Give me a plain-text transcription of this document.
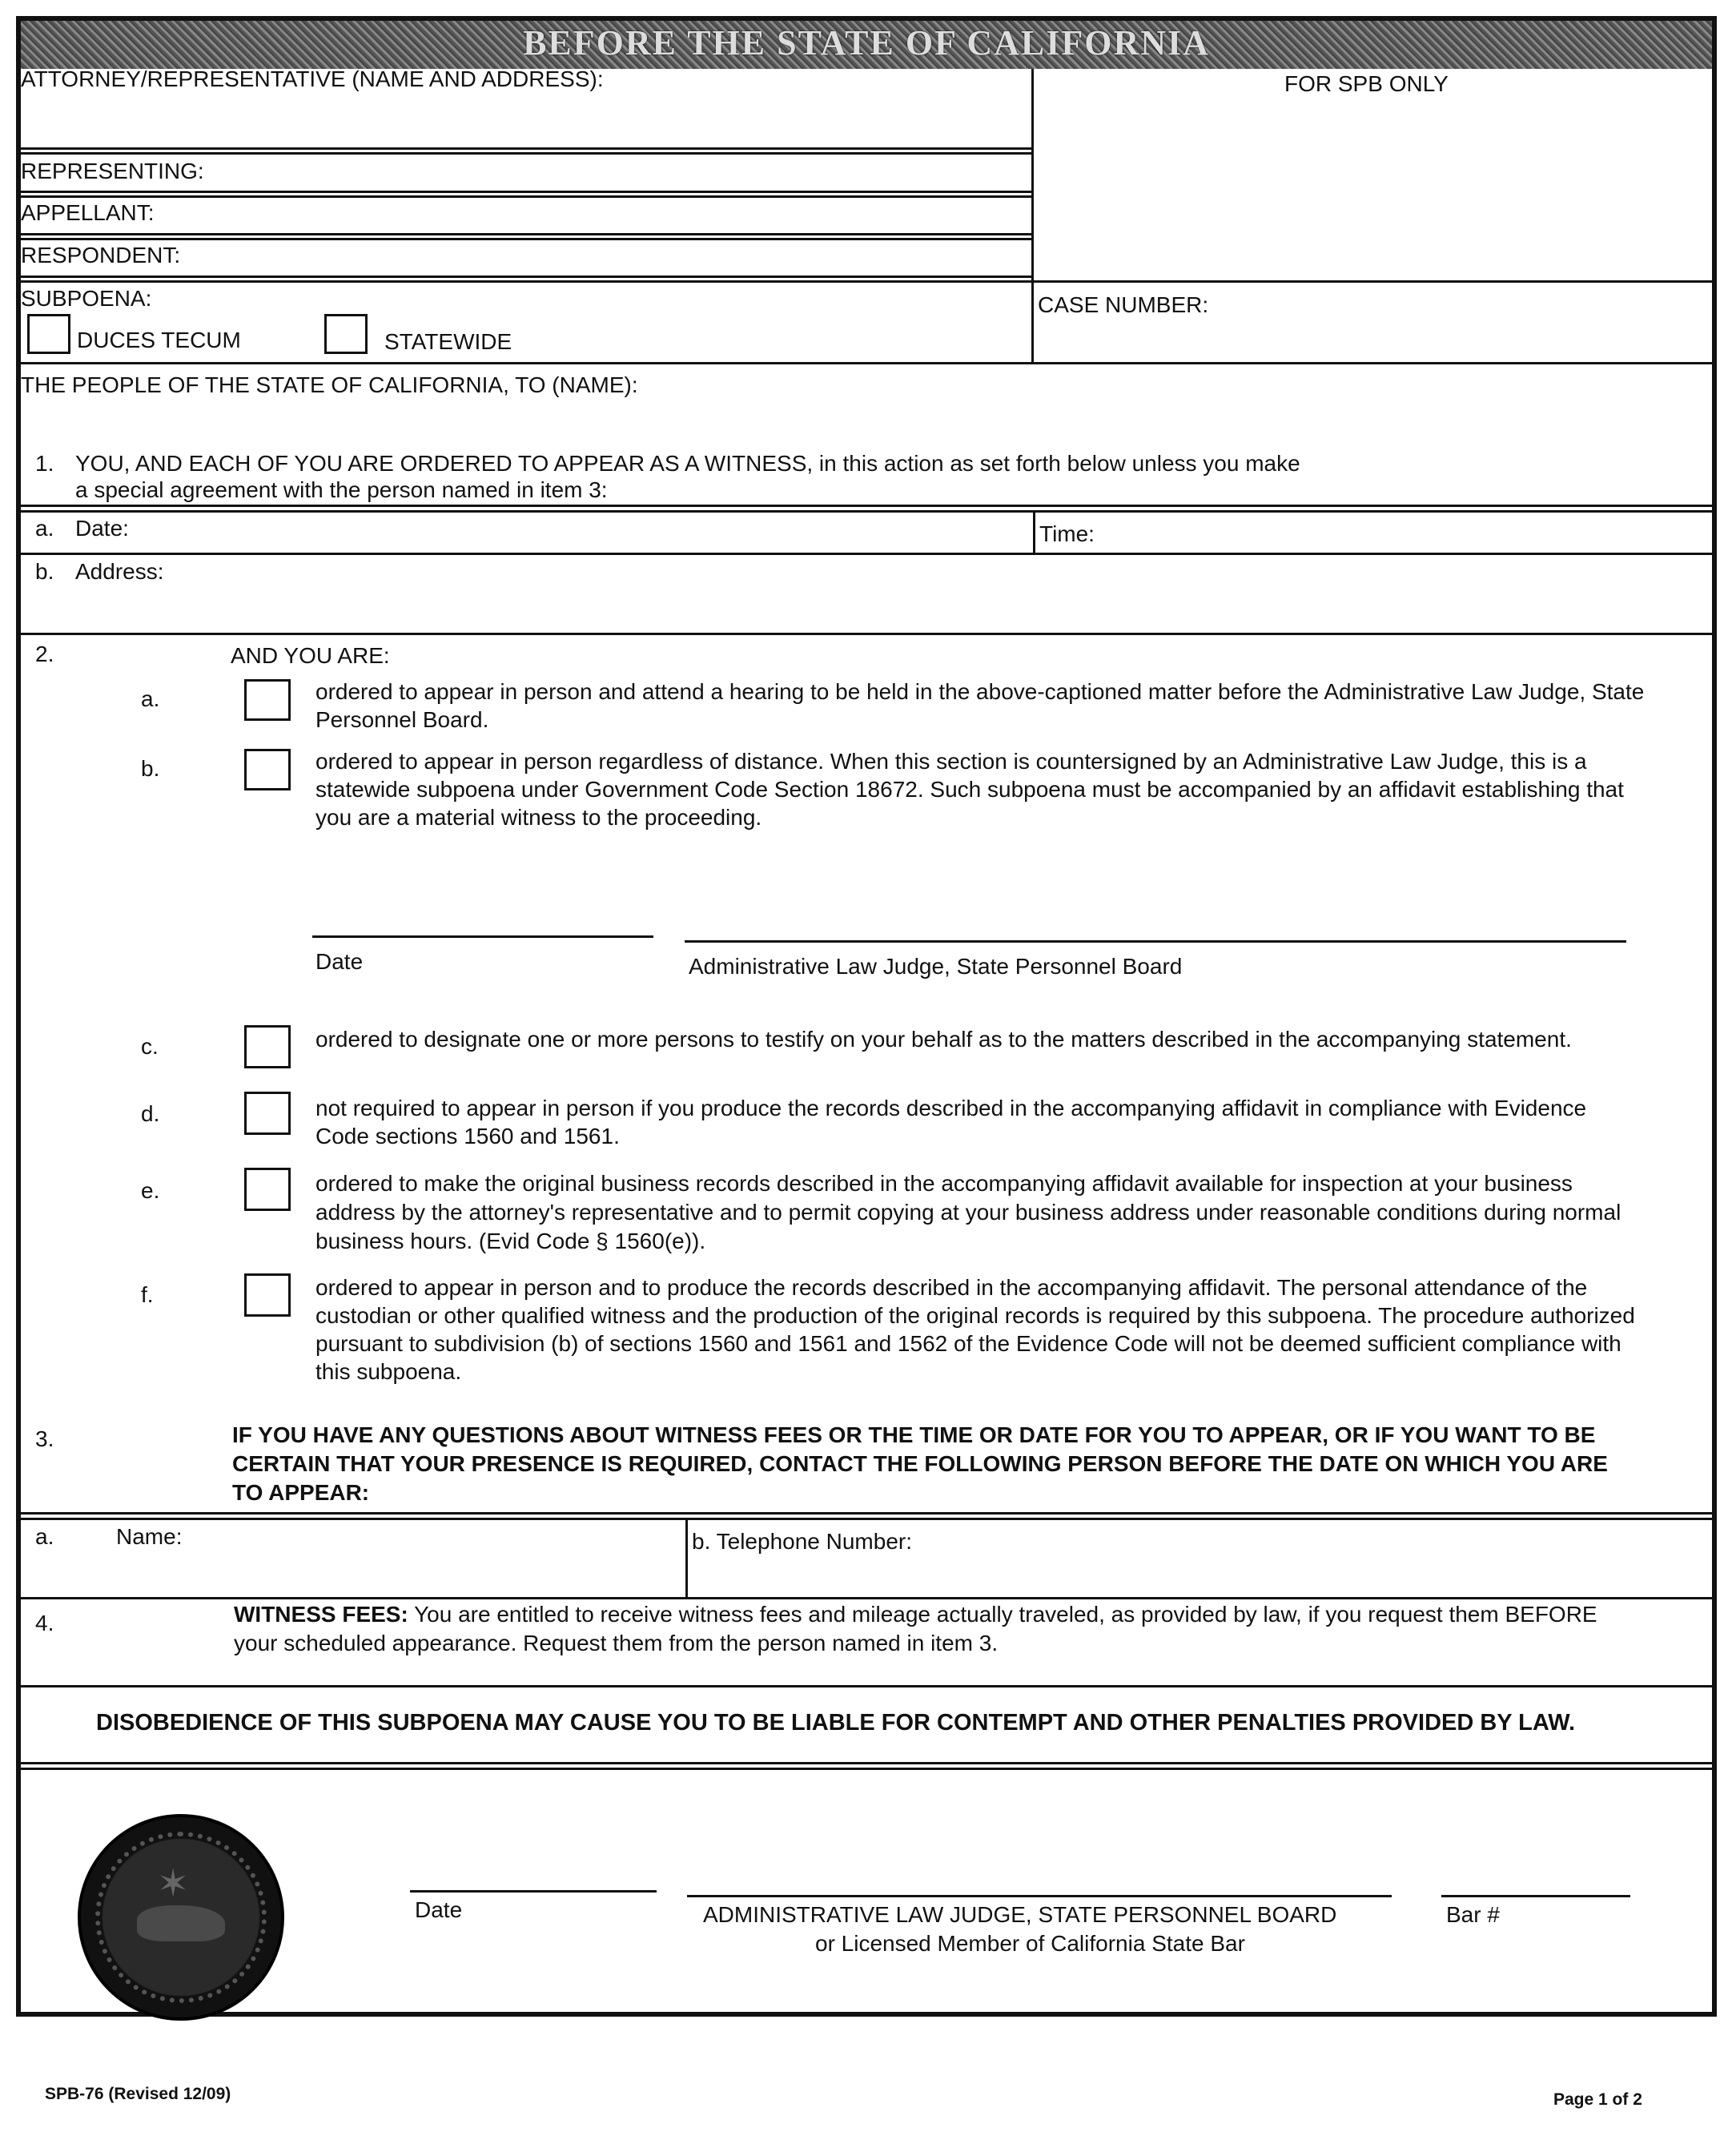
BEFORE THE STATE OF CALIFORNIA
ATTORNEY/REPRESENTATIVE (NAME AND ADDRESS):	FOR SPB ONLY
REPRESENTING:
APPELLANT:
RESPONDENT:
SUBPOENA:
DUCES TECUM	STATEWIDE
CASE NUMBER:
THE PEOPLE OF THE STATE OF CALIFORNIA, TO (NAME):
1. YOU, AND EACH OF YOU ARE ORDERED TO APPEAR AS A WITNESS, in this action as set forth below unless you make
a special agreement with the person named in item 3:
a. Date:	Time:
b. Address:
2.	AND YOU ARE:
a.	ordered to appear in person and attend a hearing to be held in the above-captioned matter before the Administrative Law Judge, State Personnel Board.
b.	ordered to appear in person regardless of distance. When this section is countersigned by an Administrative Law Judge, this is a statewide subpoena under Government Code Section 18672. Such subpoena must be accompanied by an affidavit establishing that you are a material witness to the proceeding.
Date	Administrative Law Judge, State Personnel Board
c.	ordered to designate one or more persons to testify on your behalf as to the matters described in the accompanying statement.
d.	not required to appear in person if you produce the records described in the accompanying affidavit in compliance with Evidence Code sections 1560 and 1561.
e.	ordered to make the original business records described in the accompanying affidavit available for inspection at your business address by the attorney's representative and to permit copying at your business address under reasonable conditions during normal business hours. (Evid Code § 1560(e)).
f.	ordered to appear in person and to produce the records described in the accompanying affidavit. The personal attendance of the custodian or other qualified witness and the production of the original records is required by this subpoena. The procedure authorized pursuant to subdivision (b) of sections 1560 and 1561 and 1562 of the Evidence Code will not be deemed sufficient compliance with this subpoena.
3.	IF YOU HAVE ANY QUESTIONS ABOUT WITNESS FEES OR THE TIME OR DATE FOR YOU TO APPEAR, OR IF YOU WANT TO BE CERTAIN THAT YOUR PRESENCE IS REQUIRED, CONTACT THE FOLLOWING PERSON BEFORE THE DATE ON WHICH YOU ARE TO APPEAR:
a.	Name:	b. Telephone Number:
4.	WITNESS FEES: You are entitled to receive witness fees and mileage actually traveled, as provided by law, if you request them BEFORE your scheduled appearance. Request them from the person named in item 3.
DISOBEDIENCE OF THIS SUBPOENA MAY CAUSE YOU TO BE LIABLE FOR CONTEMPT AND OTHER PENALTIES PROVIDED BY LAW.
✶
Date	ADMINISTRATIVE LAW JUDGE, STATE PERSONNEL BOARD
or Licensed Member of California State Bar
Bar #
SPB-76 (Revised 12/09)	Page 1 of 2
